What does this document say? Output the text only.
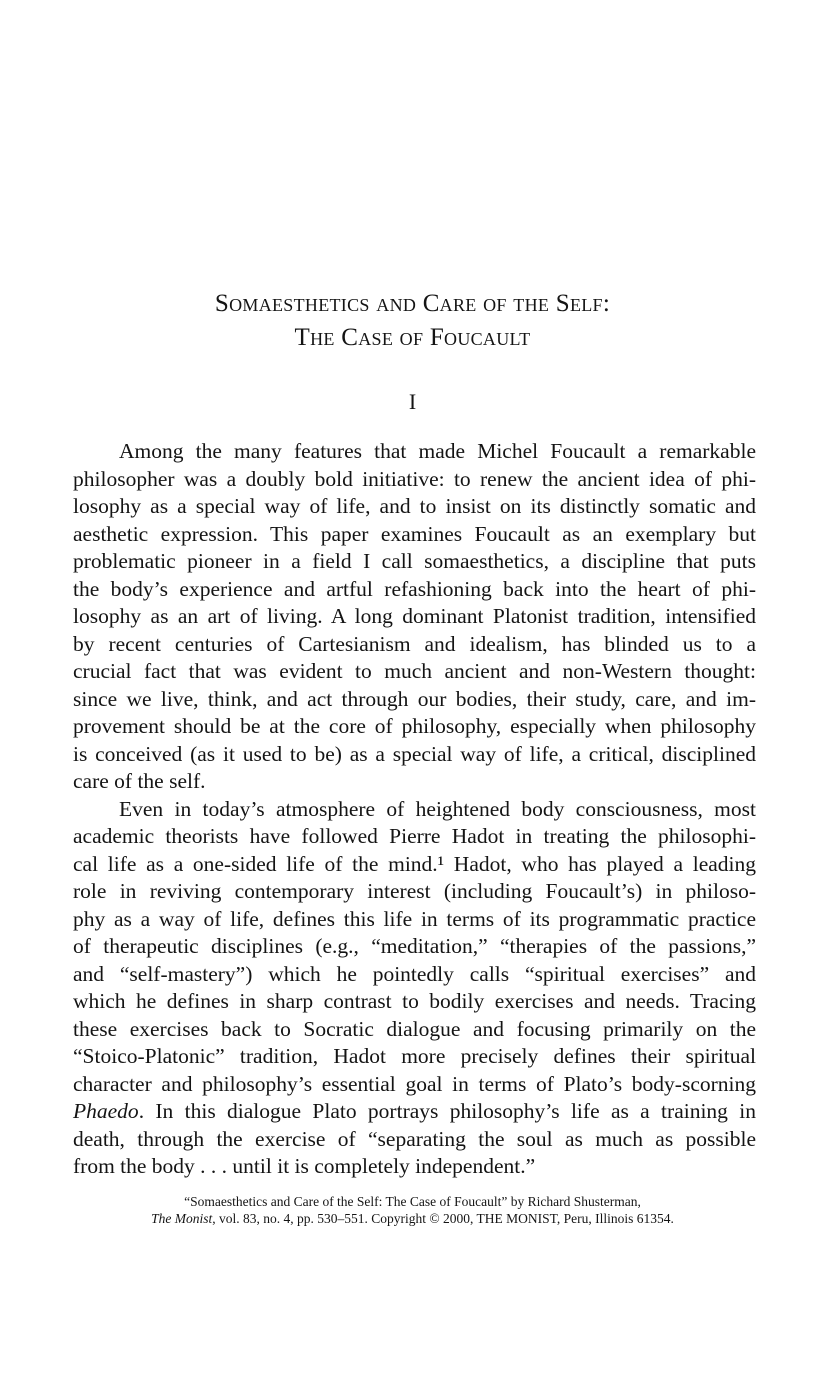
Somaesthetics and Care of the Self:
The Case of Foucault
I
Among the many features that made Michel Foucault a remarkable
philosopher was a doubly bold initiative: to renew the ancient idea of phi-
losophy as a special way of life, and to insist on its distinctly somatic and
aesthetic expression. This paper examines Foucault as an exemplary but
problematic pioneer in a field I call somaesthetics, a discipline that puts
the body’s experience and artful refashioning back into the heart of phi-
losophy as an art of living. A long dominant Platonist tradition, intensified
by recent centuries of Cartesianism and idealism, has blinded us to a
crucial fact that was evident to much ancient and non-Western thought:
since we live, think, and act through our bodies, their study, care, and im-
provement should be at the core of philosophy, especially when philosophy
is conceived (as it used to be) as a special way of life, a critical, disciplined
care of the self.
Even in today’s atmosphere of heightened body consciousness, most
academic theorists have followed Pierre Hadot in treating the philosophi-
cal life as a one-sided life of the mind.¹ Hadot, who has played a leading
role in reviving contemporary interest (including Foucault’s) in philoso-
phy as a way of life, defines this life in terms of its programmatic practice
of therapeutic disciplines (e.g., “meditation,” “therapies of the passions,”
and “self-mastery”) which he pointedly calls “spiritual exercises” and
which he defines in sharp contrast to bodily exercises and needs. Tracing
these exercises back to Socratic dialogue and focusing primarily on the
“Stoico-Platonic” tradition, Hadot more precisely defines their spiritual
character and philosophy’s essential goal in terms of Plato’s body-scorning
Phaedo. In this dialogue Plato portrays philosophy’s life as a training in
death, through the exercise of “separating the soul as much as possible
from the body . . . until it is completely independent.”
“Somaesthetics and Care of the Self: The Case of Foucault” by Richard Shusterman,
The Monist, vol. 83, no. 4, pp. 530–551. Copyright © 2000, THE MONIST, Peru, Illinois 61354.
